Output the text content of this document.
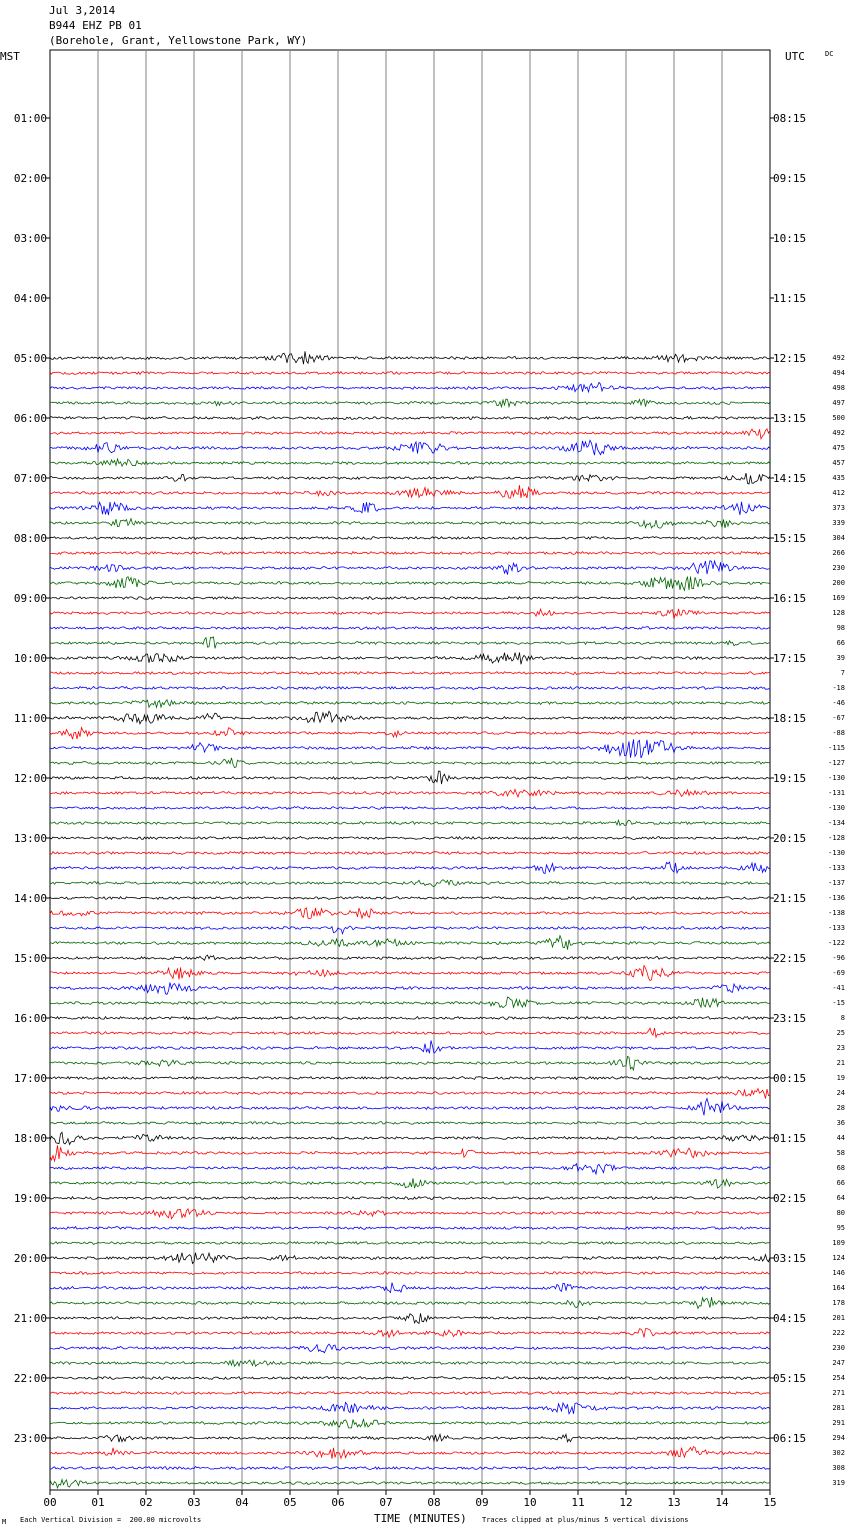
Jul 3,2014
B944 EHZ PB 01
(Borehole, Grant, Yellowstone Park, WY)
MST	UTC	DC
00	01	02	03	04	05	06	07	08	09	10	11	12	13	14	15
01:00
02:00
03:00
04:00
05:00
06:00
07:00
08:00
09:00
10:00
11:00
12:00
13:00
14:00
15:00
16:00
17:00
18:00
19:00
20:00
21:00
22:00
23:00
08:15
09:15
10:15
11:15
12:15
13:15
14:15
15:15
16:15
17:15
18:15
19:15
20:15
21:15
22:15
23:15
00:15
01:15
02:15
03:15
04:15
05:15
06:15
492
494
498
497
500
492
475
457
435
412
373
339
304
266
230
200
169
128
98
66
39
7
-18
-46
-67
-88
-115
-127
-130
-131
-130
-134
-128
-130
-133
-137
-136
-138
-133
-122
-96
-69
-41
-15
8
25
23
21
19
24
28
36
44
58
68
66
64
80
95
109
124
146
164
178
201
222
230
247
254
271
281
291
294
302
308
319
M Each Vertical Division =  200.00 microvolts	TIME (MINUTES) Traces clipped at plus/minus 5 vertical divisions
